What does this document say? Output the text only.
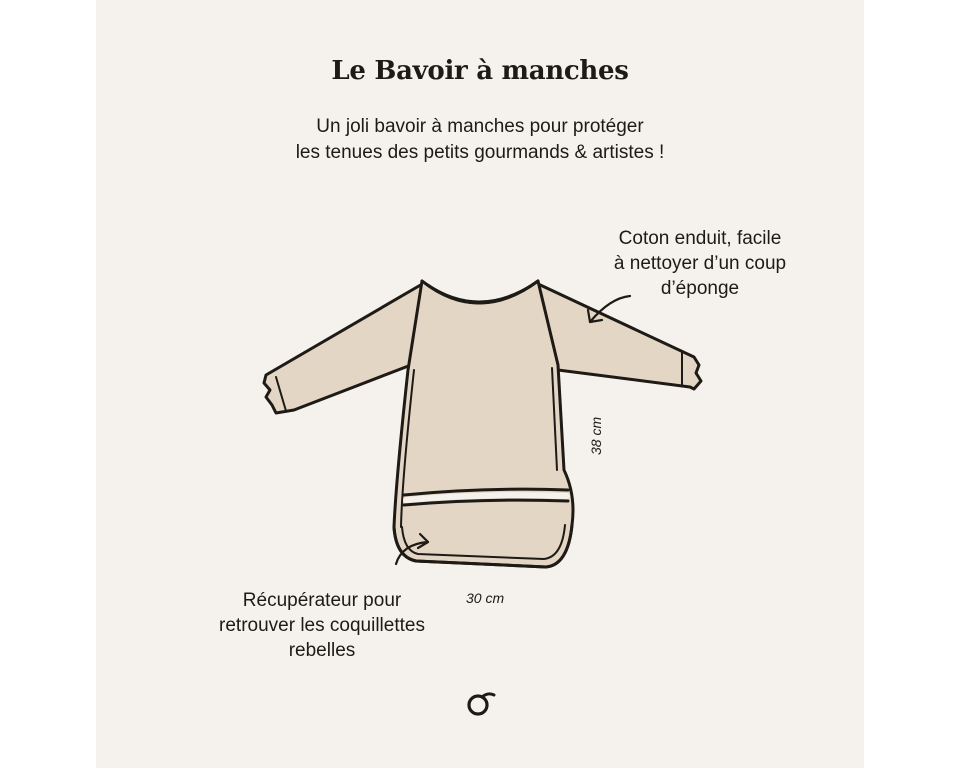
Le Bavoir à manches

Un joli bavoir à manches pour protéger
les tenues des petits gourmands & artistes !

Coton enduit, facile
à nettoyer d’un coup
d’éponge

Récupérateur pour
retrouver les coquillettes
rebelles

38 cm
30 cm
